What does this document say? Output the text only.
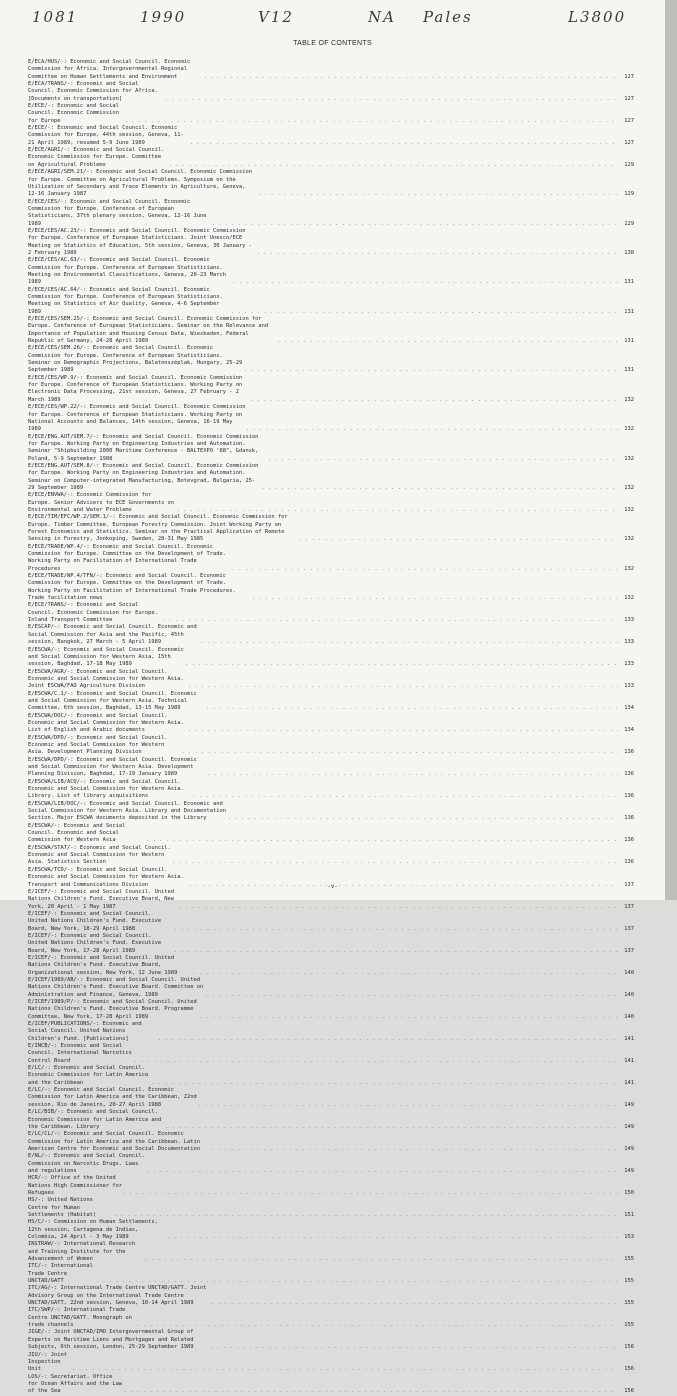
1081	1990	V12	NA Pales	L3800
TABLE OF CONTENTS
E/ECA/HUS/-: Economic and Social Council. Economic Commission for Africa. Intergovernmental Regional Committee on Human Settlements and Environment . . .	127
E/ECA/TRANS/-: Economic and Social Council. Economic Commission for Africa. [Documents on transportation] . . .	127
E/ECE/-: Economic and Social Council. Economic Commission for Europe . . .	127
E/ECE/-: Economic and Social Council. Economic Commission for Europe, 44th session, Geneva, 11-21 April 1989, resumed 5-9 June 1989 . . .	127
E/ECE/AGRI/-: Economic and Social Council. Economic Commission for Europe. Committee on Agricultural Problems . . .	129
E/ECE/AGRI/SEM.21/-: Economic and Social Council. Economic Commission for Europe. Committee on Agricultural Problems. Symposium on the Utilization of Secondary and Trace Elements in Agriculture, Geneva, 12-16 January 1987 . . .	129
E/ECE/CES/-: Economic and Social Council. Economic Commission for Europe. Conference of European Statisticians, 37th plenary session, Geneva, 12-16 June 1989 . . .	129
E/ECE/CES/AC.23/-: Economic and Social Council. Economic Commission for Europe. Conference of European Statisticians. Joint Unesco/ECE Meeting on Statistics of Education, 5th session, Geneva, 30 January - 2 February 1989 . . .	130
E/ECE/CES/AC.63/-: Economic and Social Council. Economic Commission for Europe. Conference of European Statisticians. Meeting on Environmental Classifications, Geneva, 20-23 March 1989 . . .	131
E/ECE/CES/AC.64/-: Economic and Social Council. Economic Commission for Europe. Conference of European Statisticians. Meeting on Statistics of Air Quality, Geneva, 4-6 September 1989 . . .	131
E/ECE/CES/SEM.25/-: Economic and Social Council. Economic Commission for Europe. Conference of European Statisticians. Seminar on the Relevance and Importance of Population and Housing Census Data, Wiesbaden, Federal Republic of Germany, 24-28 April 1989 . . .	131
E/ECE/CES/SEM.26/-: Economic and Social Council. Economic Commission for Europe. Conference of European Statisticians. Seminar on Demographic Projections, Balatonszéplak, Hungary, 25-29 September 1989 . . .	131
E/ECE/CES/WP.9/-: Economic and Social Council. Economic Commission for Europe. Conference of European Statisticians. Working Party on Electronic Data Processing, 21st session, Geneva, 27 February - 2 March 1989 . . .	132
E/ECE/CES/WP.22/-: Economic and Social Council. Economic Commission for Europe. Conference of European Statisticians. Working Party on National Accounts and Balances, 14th session, Geneva, 16-19 May 1989 . . .	132
E/ECE/ENG.AUT/SEM.7/-: Economic and Social Council. Economic Commission for Europe. Working Party on Engineering Industries and Automation. Seminar "Shipbuilding 2000 Maritime Conference - BALTEXPO '88", Gdansk, Poland, 5-9 September 1988 . . .	132
E/ECE/ENG.AUT/SEM.8/-: Economic and Social Council. Economic Commission for Europe. Working Party on Engineering Industries and Automation. Seminar on Computer-integrated Manufacturing, Botevgrad, Bulgaria, 25-29 September 1989 . . .	132
E/ECE/ENVWA/-: Economic Commission for Europe. Senior Advisers to ECE Governments on Environmental and Water Problems . . .	132
E/ECE/TIM/EFC/WP.2/SEM.1/-: Economic and Social Council. Economic Commission for Europe. Timber Committee. European Forestry Commission. Joint Working Party on Forest Economics and Statistics. Seminar on the Practical Application of Remote Sensing in Forestry, Jonkoping, Sweden, 28-31 May 1985 . . .	132
E/ECE/TRADE/WP.4/-: Economic and Social Council. Economic Commission for Europe. Committee on the Development of Trade. Working Party on Facilitation of International Trade Procedures . . .	132
E/ECE/TRADE/WP.4/TFN/-: Economic and Social Council. Economic Commission for Europe. Committee on the Development of Trade. Working Party on Facilitation of International Trade Procedures. Trade facilitation news . . .	132
E/ECE/TRANS/-: Economic and Social Council. Economic Commission for Europe. Inland Transport Committee . . .	133
E/ESCAP/-: Economic and Social Council. Economic and Social Commission for Asia and the Pacific, 45th session, Bangkok, 27 March - 5 April 1989 . . .	133
E/ESCWA/-: Economic and Social Council. Economic and Social Commission for Western Asia, 15th session, Baghdad, 17-18 May 1989 . . .	133
E/ESCWA/AGR/-: Economic and Social Council. Economic and Social Commission for Western Asia. Joint ESCWA/FAO Agriculture Division . . .	133
E/ESCWA/C.1/-: Economic and Social Council. Economic and Social Commission for Western Asia. Technical Committee, 6th session, Baghdad, 13-15 May 1989 . . .	134
E/ESCWA/DOC/-: Economic and Social Council. Economic and Social Commission for Western Asia. List of English and Arabic documents . . .	134
E/ESCWA/DPD/-: Economic and Social Council. Economic and Social Commission for Western Asia. Development Planning Division . . .	136
E/ESCWA/DPD/-: Economic and Social Council. Economic and Social Commission for Western Asia. Development Planning Division, Baghdad, 17-19 January 1989 . . .	136
E/ESCWA/LIB/ACQ/-: Economic and Social Council. Economic and Social Commission for Western Asia. Library. List of library acquisitions . . .	136
E/ESCWA/LIB/DOC/-: Economic and Social Council. Economic and Social Commission for Western Asia. Library and Documentation Section. Major ESCWA documents deposited in the Library . . .	136
E/ESCWA/-: Economic and Social Council. Economic and Social Commission for Western Asia . . .	136
E/ESCWA/STAT/-: Economic and Social Council. Economic and Social Commission for Western Asia. Statistics Section . . .	136
E/ESCWA/TCD/-: Economic and Social Council. Economic and Social Commission for Western Asia. Transport and Communications Division . . .	137
E/ICEF/-: Economic and Social Council. United Nations Children's Fund. Executive Board, New York, 20 April - 1 May 1987 . . .	137
E/ICEF/-: Economic and Social Council. United Nations Children's Fund. Executive Board, New York, 18-29 April 1988 . . .	137
E/ICEF/-: Economic and Social Council. United Nations Children's Fund. Executive Board, New York, 17-28 April 1989 . . .	137
E/ICEF/-: Economic and Social Council. United Nations Children's Fund. Executive Board, Organizational session, New York, 12 June 1989 . . .	140
E/ICEF/1989/AB/-: Economic and Social Council. United Nations Children's Fund. Executive Board. Committee on Administration and Finance, Geneva, 1989 . . .	140
E/ICEF/1989/P/-: Economic and Social Council. United Nations Children's Fund. Executive Board. Programme Committee, New York, 17-28 April 1989 . . .	140
E/ICEF/PUBLICATIONS/-: Economic and Social Council. United Nations Children's Fund. [Publications] . . .	141
E/INCB/-: Economic and Social Council. International Narcotics Control Board . . .	141
E/LC/-: Economic and Social Council. Economic Commission for Latin America and the Caribbean . . .	141
E/LC/-: Economic and Social Council. Economic Commission for Latin America and the Caribbean, 22nd session, Rio de Janeiro, 20-27 April 1988 . . .	149
E/LC/BIB/-: Economic and Social Council. Economic Commission for Latin America and the Caribbean. Library . . .	149
E/LC/CL/-: Economic and Social Council. Economic Commission for Latin America and the Caribbean. Latin American Centre for Economic and Social Documentation . . .	149
E/NL/-: Economic and Social Council. Commission on Narcotic Drugs. Laws and regulations . . .	149
HCR/-: Office of the United Nations High Commissioner for Refugees . . .	150
HS/-: United Nations Centre for Human Settlements (Habitat) . . .	151
HS/C/-: Commission on Human Settlements, 12th session, Cartagena de Indias, Colombia, 24 April - 3 May 1989 . . .	153
INSTRAW/-: International Research and Training Institute for the Advancement of Women . . .	155
ITC/-: International Trade Centre UNCTAD/GATT . . .	155
ITC/AG/-: International Trade Centre UNCTAD/GATT. Joint Advisory Group on the International Trade Centre UNCTAD/GATT, 22nd session, Geneva, 10-14 April 1989 . . .	155
ITC/SWP/-: International Trade Centre UNCTAD/GATT. Monograph on trade channels . . .	155
JIGE/-: Joint UNCTAD/IMO Intergovernmental Group of Experts on Maritime Liens and Mortgages and Related Subjects, 6th session, London, 25-29 September 1989 . . .	156
JIU/-: Joint Inspection Unit . . .	156
LOS/-: Secretariat. Office for Ocean Affairs and the Law of the Sea . . .	156
-v-
